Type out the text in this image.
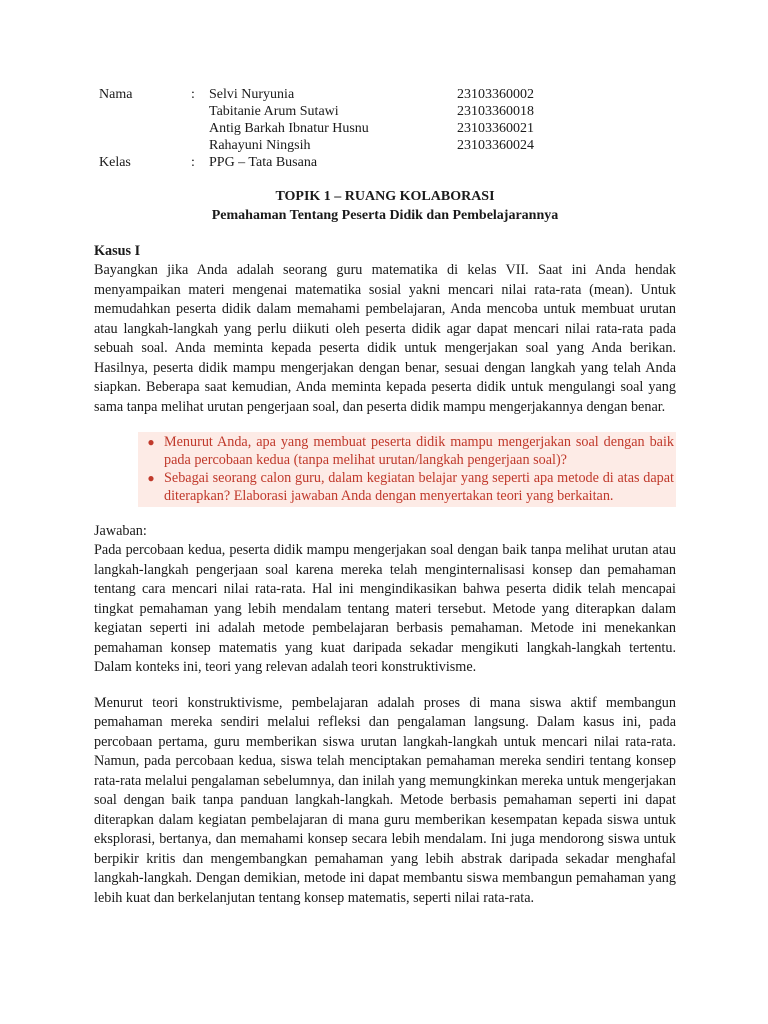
Nama	:	Selvi Nuryunia	23103360002
		Tabitanie Arum Sutawi	23103360018
		Antig Barkah Ibnatur Husnu	23103360021
		Rahayuni Ningsih	23103360024
Kelas	:	PPG – Tata Busana	
TOPIK 1 – RUANG KOLABORASI
Pemahaman Tentang Peserta Didik dan Pembelajarannya
Kasus I

Bayangkan jika Anda adalah seorang guru matematika di kelas VII. Saat ini Anda hendak menyampaikan materi mengenai matematika sosial yakni mencari nilai rata-rata (mean). Untuk memudahkan peserta didik dalam memahami pembelajaran, Anda mencoba untuk membuat urutan atau langkah-langkah yang perlu diikuti oleh peserta didik agar dapat mencari nilai rata-rata pada sebuah soal. Anda meminta kepada peserta didik untuk mengerjakan soal yang Anda berikan. Hasilnya, peserta didik mampu mengerjakan dengan benar, sesuai dengan langkah yang telah Anda siapkan. Beberapa saat kemudian, Anda meminta kepada peserta didik untuk mengulangi soal yang sama tanpa melihat urutan pengerjaan soal, dan peserta didik mampu mengerjakannya dengan benar.

● Menurut Anda, apa yang membuat peserta didik mampu mengerjakan soal dengan baik pada percobaan kedua (tanpa melihat urutan/langkah pengerjaan soal)?
● Sebagai seorang calon guru, dalam kegiatan belajar yang seperti apa metode di atas dapat diterapkan? Elaborasi jawaban Anda dengan menyertakan teori yang berkaitan.
Jawaban:

Pada percobaan kedua, peserta didik mampu mengerjakan soal dengan baik tanpa melihat urutan atau langkah-langkah pengerjaan soal karena mereka telah menginternalisasi konsep dan pemahaman tentang cara mencari nilai rata-rata. Hal ini mengindikasikan bahwa peserta didik telah mencapai tingkat pemahaman yang lebih mendalam tentang materi tersebut. Metode yang diterapkan dalam kegiatan seperti ini adalah metode pembelajaran berbasis pemahaman. Metode ini menekankan pemahaman konsep matematis yang kuat daripada sekadar mengikuti langkah-langkah tertentu. Dalam konteks ini, teori yang relevan adalah teori konstruktivisme.

Menurut teori konstruktivisme, pembelajaran adalah proses di mana siswa aktif membangun pemahaman mereka sendiri melalui refleksi dan pengalaman langsung. Dalam kasus ini, pada percobaan pertama, guru memberikan siswa urutan langkah-langkah untuk mencari nilai rata-rata. Namun, pada percobaan kedua, siswa telah menciptakan pemahaman mereka sendiri tentang konsep rata-rata melalui pengalaman sebelumnya, dan inilah yang memungkinkan mereka untuk mengerjakan soal dengan baik tanpa panduan langkah-langkah. Metode berbasis pemahaman seperti ini dapat diterapkan dalam kegiatan pembelajaran di mana guru memberikan kesempatan kepada siswa untuk eksplorasi, bertanya, dan memahami konsep secara lebih mendalam. Ini juga mendorong siswa untuk berpikir kritis dan mengembangkan pemahaman yang lebih abstrak daripada sekadar menghafal langkah-langkah. Dengan demikian, metode ini dapat membantu siswa membangun pemahaman yang lebih kuat dan berkelanjutan tentang konsep matematis, seperti nilai rata-rata.
